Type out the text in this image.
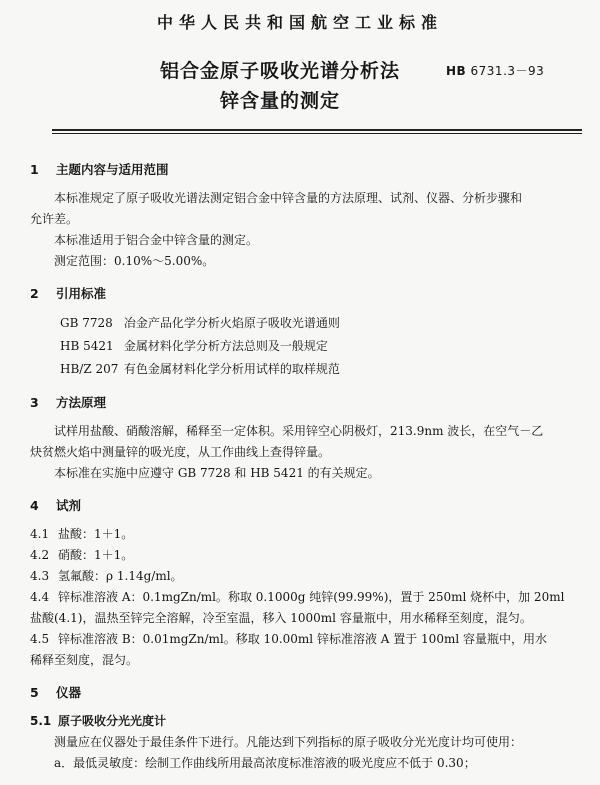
中华人民共和国航空工业标准
铝合金原子吸收光谱分析法
锌含量的测定
HB 6731.3－93
1 主题内容与适用范围

本标准规定了原子吸收光谱法测定铝合金中锌含量的方法原理、试剂、仪器、分析步骤和

允许差。

本标准适用于铝合金中锌含量的测定。

测定范围：0.10%～5.00%。

2 引用标准
GB 7728 冶金产品化学分析火焰原子吸收光谱通则
HB 5421 金属材料化学分析方法总则及一般规定
HB/Z 207 有色金属材料化学分析用试样的取样规范
3 方法原理

试样用盐酸、硝酸溶解，稀释至一定体积。采用锌空心阴极灯，213.9nm 波长，在空气－乙

炔贫燃火焰中测量锌的吸光度，从工作曲线上查得锌量。

本标准在实施中应遵守 GB 7728 和 HB 5421 的有关规定。

4 试剂

4.1 盐酸：1＋1。

4.2 硝酸：1＋1。

4.3 氢氟酸：ρ 1.14g/ml。

4.4 锌标准溶液 A：0.1mgZn/ml。称取 0.1000g 纯锌(99.99%)，置于 250ml 烧杯中，加 20ml

盐酸(4.1)，温热至锌完全溶解，冷至室温，移入 1000ml 容量瓶中，用水稀释至刻度，混匀。

4.5 锌标准溶液 B：0.01mgZn/ml。移取 10.00ml 锌标准溶液 A 置于 100ml 容量瓶中，用水

稀释至刻度，混匀。

5 仪器

5.1 原子吸收分光光度计

测量应在仪器处于最佳条件下进行。凡能达到下列指标的原子吸收分光光度计均可使用：

a．最低灵敏度：绘制工作曲线所用最高浓度标准溶液的吸光度应不低于 0.30；
